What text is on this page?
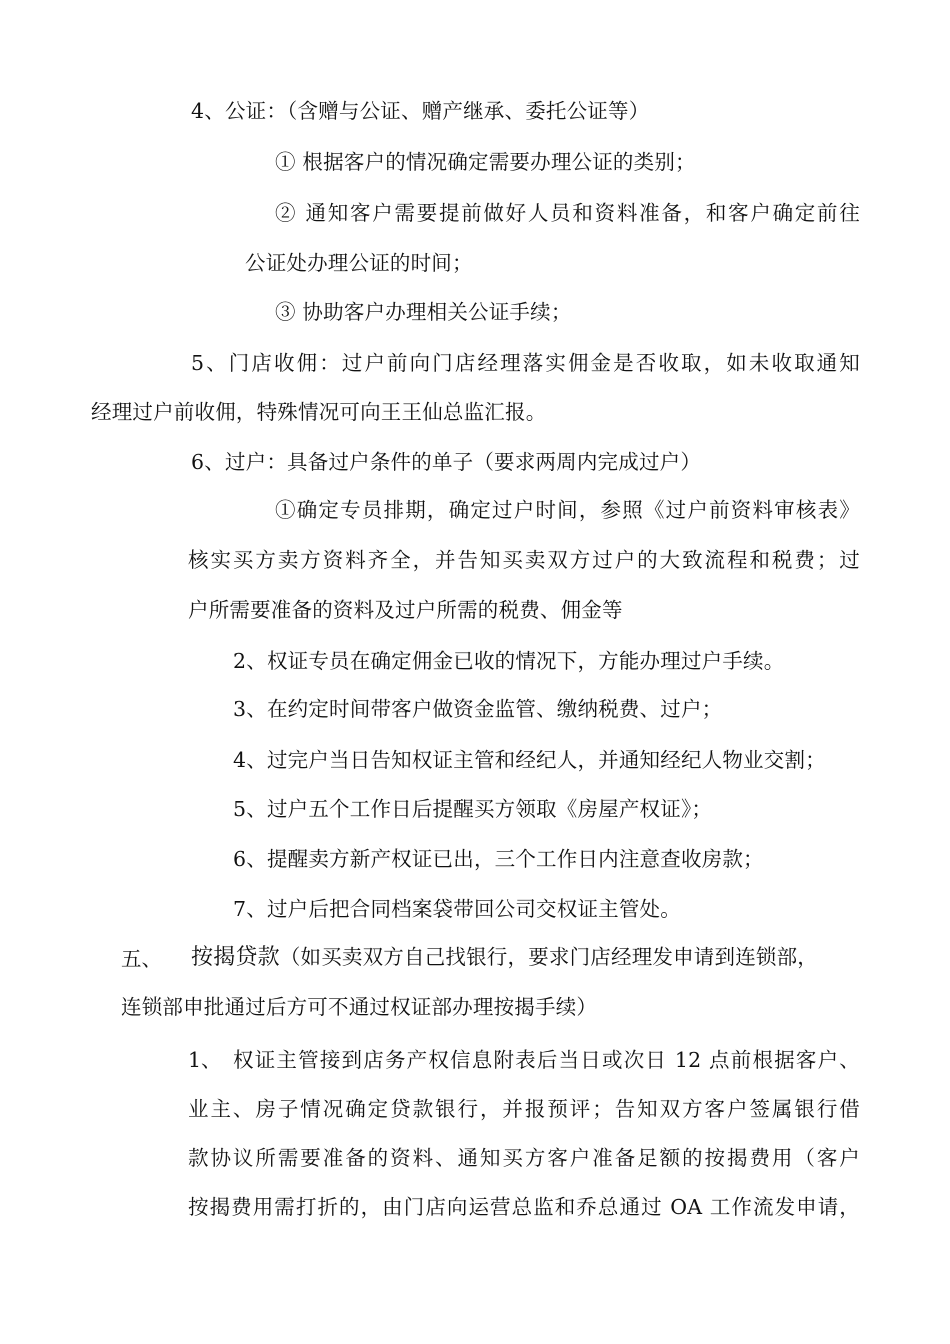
4、公证：（含赠与公证、赠产继承、委托公证等）
① 根据客户的情况确定需要办理公证的类别；
② 通知客户需要提前做好人员和资料准备，和客户确定前往
公证处办理公证的时间；
③ 协助客户办理相关公证手续；
5、门店收佣：过户前向门店经理落实佣金是否收取，如未收取通知
经理过户前收佣，特殊情况可向王王仙总监汇报。
6、过户：具备过户条件的单子（要求两周内完成过户）
①确定专员排期，确定过户时间，参照《过户前资料审核表》
核实买方卖方资料齐全，并告知买卖双方过户的大致流程和税费；过
户所需要准备的资料及过户所需的税费、佣金等
2、权证专员在确定佣金已收的情况下，方能办理过户手续。
3、在约定时间带客户做资金监管、缴纳税费、过户；
4、过完户当日告知权证主管和经纪人，并通知经纪人物业交割；
5、过户五个工作日后提醒买方领取《房屋产权证》；
6、提醒卖方新产权证已出，三个工作日内注意查收房款；
7、过户后把合同档案袋带回公司交权证主管处。
五、 按揭贷款（如买卖双方自己找银行，要求门店经理发申请到连锁部，
连锁部申批通过后方可不通过权证部办理按揭手续）
1、 权证主管接到店务产权信息附表后当日或次日 12 点前根据客户、
业主、房子情况确定贷款银行，并报预评；告知双方客户签属银行借
款协议所需要准备的资料、通知买方客户准备足额的按揭费用（客户
按揭费用需打折的，由门店向运营总监和乔总通过 OA 工作流发申请，
